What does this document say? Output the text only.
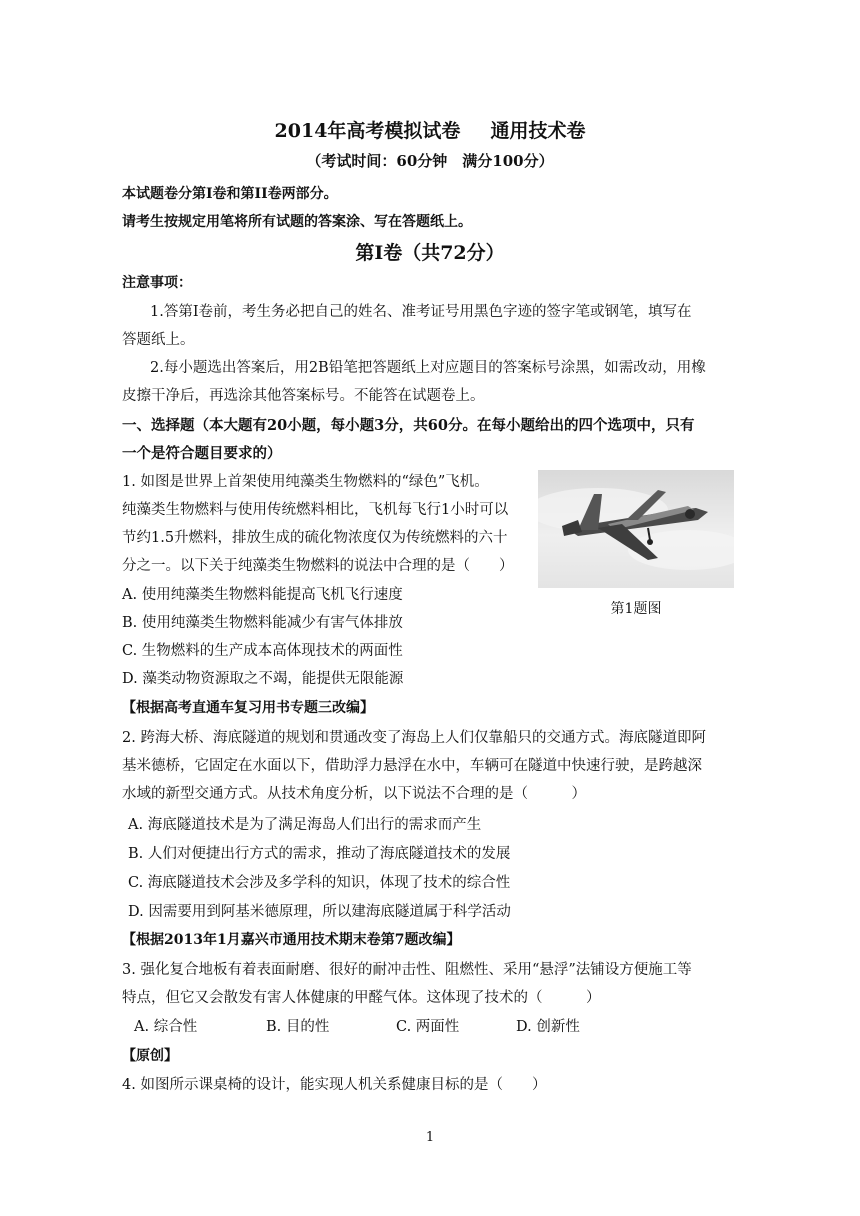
2014年高考模拟试卷 通用技术卷
（考试时间：60分钟　满分100分）
本试题卷分第Ⅰ卷和第II卷两部分。
请考生按规定用笔将所有试题的答案涂、写在答题纸上。
第Ⅰ卷（共72分）
注意事项：
1.答第Ⅰ卷前，考生务必把自己的姓名、准考证号用黑色字迹的签字笔或钢笔，填写在
答题纸上。
2.每小题选出答案后，用2B铅笔把答题纸上对应题目的答案标号涂黑，如需改动，用橡
皮擦干净后，再选涂其他答案标号。不能答在试题卷上。
一、选择题（本大题有20小题，每小题3分，共60分。在每小题给出的四个选项中，只有
一个是符合题目要求的）
1. 如图是世界上首架使用纯藻类生物燃料的“绿色”飞机。
纯藻类生物燃料与使用传统燃料相比，飞机每飞行1小时可以
节约1.5升燃料，排放生成的硫化物浓度仅为传统燃料的六十
分之一。以下关于纯藻类生物燃料的说法中合理的是（　　）
A. 使用纯藻类生物燃料能提高飞机飞行速度
B. 使用纯藻类生物燃料能减少有害气体排放
C. 生物燃料的生产成本高体现技术的两面性
D. 藻类动物资源取之不竭，能提供无限能源
第1题图
【根据高考直通车复习用书专题三改编】
2. 跨海大桥、海底隧道的规划和贯通改变了海岛上人们仅靠船只的交通方式。海底隧道即阿
基米德桥，它固定在水面以下，借助浮力悬浮在水中，车辆可在隧道中快速行驶，是跨越深
水域的新型交通方式。从技术角度分析，以下说法不合理的是（　　　）
A. 海底隧道技术是为了满足海岛人们出行的需求而产生
B. 人们对便捷出行方式的需求，推动了海底隧道技术的发展
C. 海底隧道技术会涉及多学科的知识，体现了技术的综合性
D. 因需要用到阿基米德原理，所以建海底隧道属于科学活动
【根据2013年1月嘉兴市通用技术期末卷第7题改编】
3. 强化复合地板有着表面耐磨、很好的耐冲击性、阻燃性、采用“悬浮”法铺设方便施工等
特点，但它又会散发有害人体健康的甲醛气体。这体现了技术的（　　　）
A. 综合性	B. 目的性	C. 两面性	D. 创新性
【原创】
4. 如图所示课桌椅的设计，能实现人机关系健康目标的是（　　）
1
